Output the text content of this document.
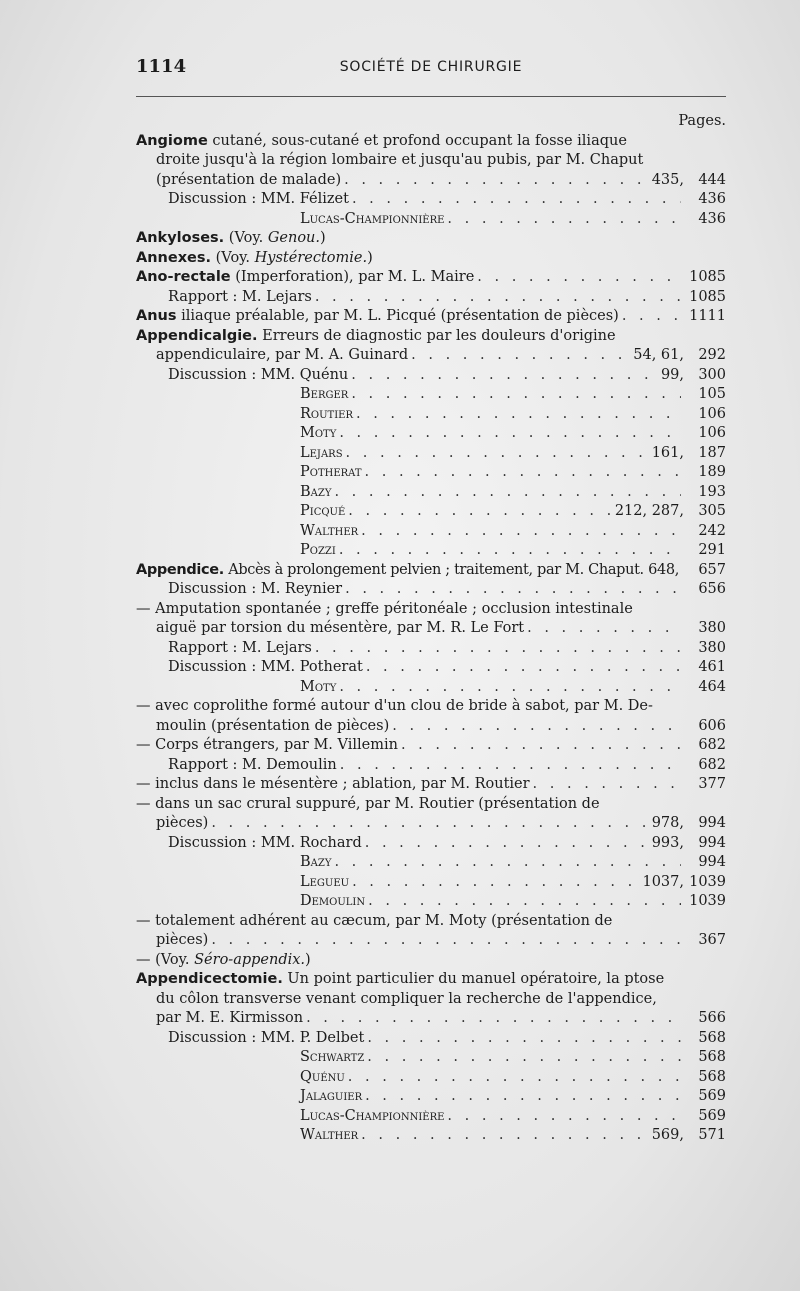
1114	SOCIÉTÉ DE CHIRURGIE
Pages.
Angiome cutané, sous-cutané et profond occupant la fosse iliaque
droite jusqu'à la région lombaire et jusqu'au pubis, par M. Chaput
(présentation de malade) . . .	435, 444
Discussion : MM. Félizet . . .	436
Lucas-Championnière . . .	436
Ankyloses. (Voy. Genou.)
Annexes. (Voy. Hystérectomie.)
Ano-rectale (Imperforation), par M. L. Maire . . .	1085
Rapport : M. Lejars . . .	1085
Anus iliaque préalable, par M. L. Picqué (présentation de pièces) . . .	1111
Appendicalgie. Erreurs de diagnostic par les douleurs d'origine
appendiculaire, par M. A. Guinard . . .	54, 61, 292
Discussion : MM. Quénu . . .	99, 300
Berger . . .	105
Routier . . .	106
Moty . . .	106
Lejars . . .	161, 187
Potherat . . .	189
Bazy . . .	193
Picqué . . .	212, 287, 305
Walther . . .	242
Pozzi . . .	291
Appendice. Abcès à prolongement pelvien ; traitement, par M. Chaput. 648,	657
Discussion : M. Reynier . . .	656
— Amputation spontanée ; greffe péritonéale ; occlusion intestinale
aiguë par torsion du mésentère, par M. R. Le Fort . . .	380
Rapport : M. Lejars . . .	380
Discussion : MM. Potherat . . .	461
Moty . . .	464
— avec coprolithe formé autour d'un clou de bride à sabot, par M. De-
moulin (présentation de pièces) . . .	606
— Corps étrangers, par M. Villemin . . .	682
Rapport : M. Demoulin . . .	682
— inclus dans le mésentère ; ablation, par M. Routier . . .	377
— dans un sac crural suppuré, par M. Routier (présentation de
pièces) . . .	978, 994
Discussion : MM. Rochard . . .	993, 994
Bazy . . .	994
Legueu . . .	1037, 1039
Demoulin . . .	1039
— totalement adhérent au cæcum, par M. Moty (présentation de
pièces) . . .	367
— (Voy. Séro-appendix.)
Appendicectomie. Un point particulier du manuel opératoire, la ptose
du côlon transverse venant compliquer la recherche de l'appendice,
par M. E. Kirmisson . . .	566
Discussion : MM. P. Delbet . . .	568
Schwartz . . .	568
Quénu . . .	568
Jalaguier . . .	569
Lucas-Championnière . . .	569
Walther . . .	569, 571
